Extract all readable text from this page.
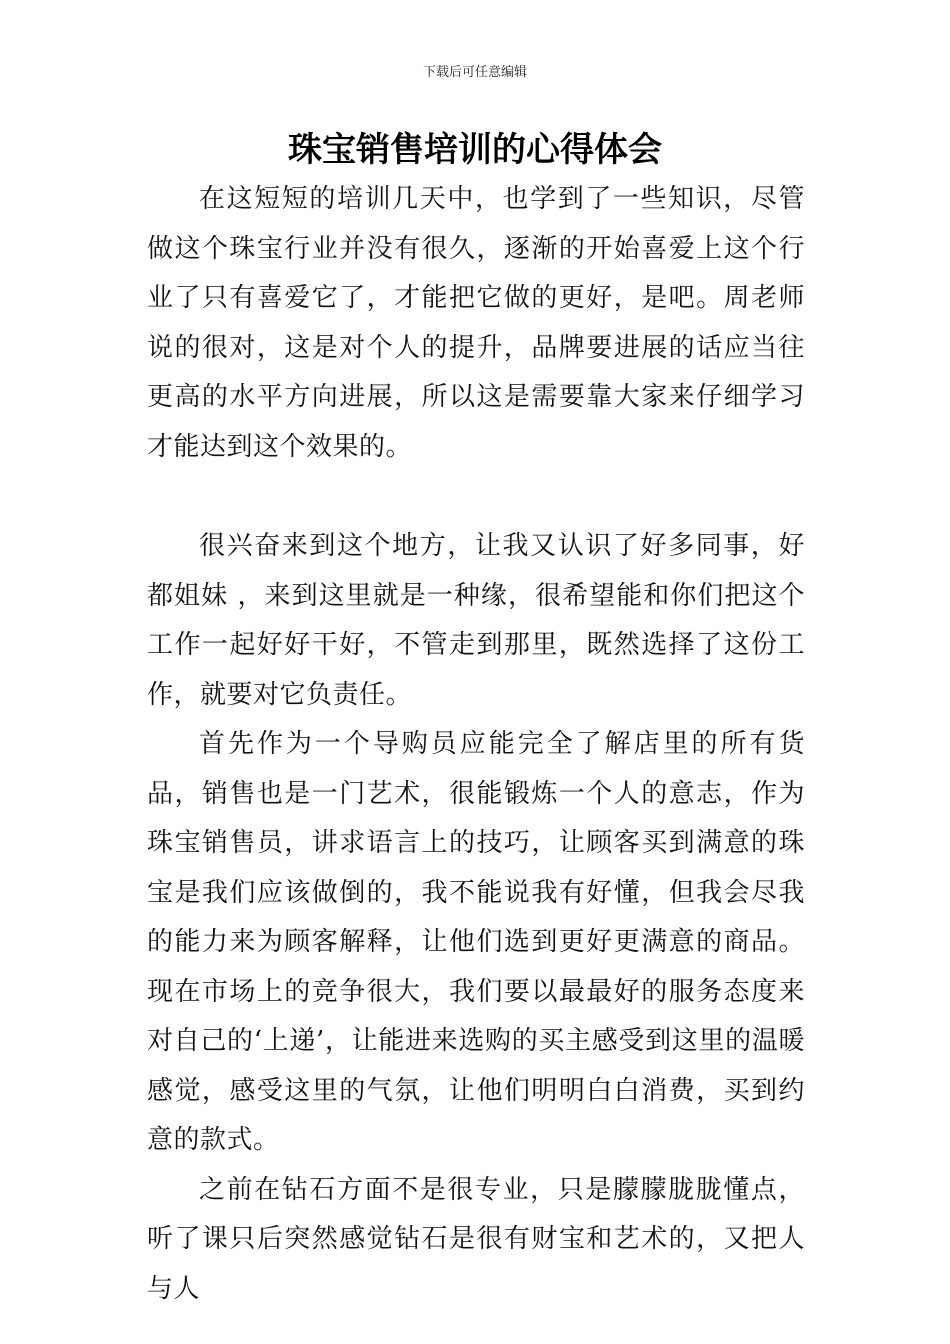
下载后可任意编辑
珠宝销售培训的心得体会

在这短短的培训几天中，也学到了一些知识，尽管做这个珠宝行业并没有很久，逐渐的开始喜爱上这个行业了只有喜爱它了，才能把它做的更好，是吧。周老师说的很对，这是对个人的提升，品牌要进展的话应当往更高的水平方向进展，所以这是需要靠大家来仔细学习才能达到这个效果的。

很兴奋来到这个地方，让我又认识了好多同事，好都姐妹 ，来到这里就是一种缘，很希望能和你们把这个工作一起好好干好，不管走到那里，既然选择了这份工作，就要对它负责任。

首先作为一个导购员应能完全了解店里的所有货品，销售也是一门艺术，很能锻炼一个人的意志，作为珠宝销售员，讲求语言上的技巧，让顾客买到满意的珠宝是我们应该做倒的，我不能说我有好懂，但我会尽我的能力来为顾客解释，让他们选到更好更满意的商品。现在市场上的竞争很大，我们要以最最好的服务态度来对自己的‘上递’，让能进来选购的买主感受到这里的温暖感觉，感受这里的气氛，让他们明明白白消费，买到约意的款式。

之前在钻石方面不是很专业，只是朦朦胧胧懂点，听了课只后突然感觉钻石是很有财宝和艺术的，又把人与人
